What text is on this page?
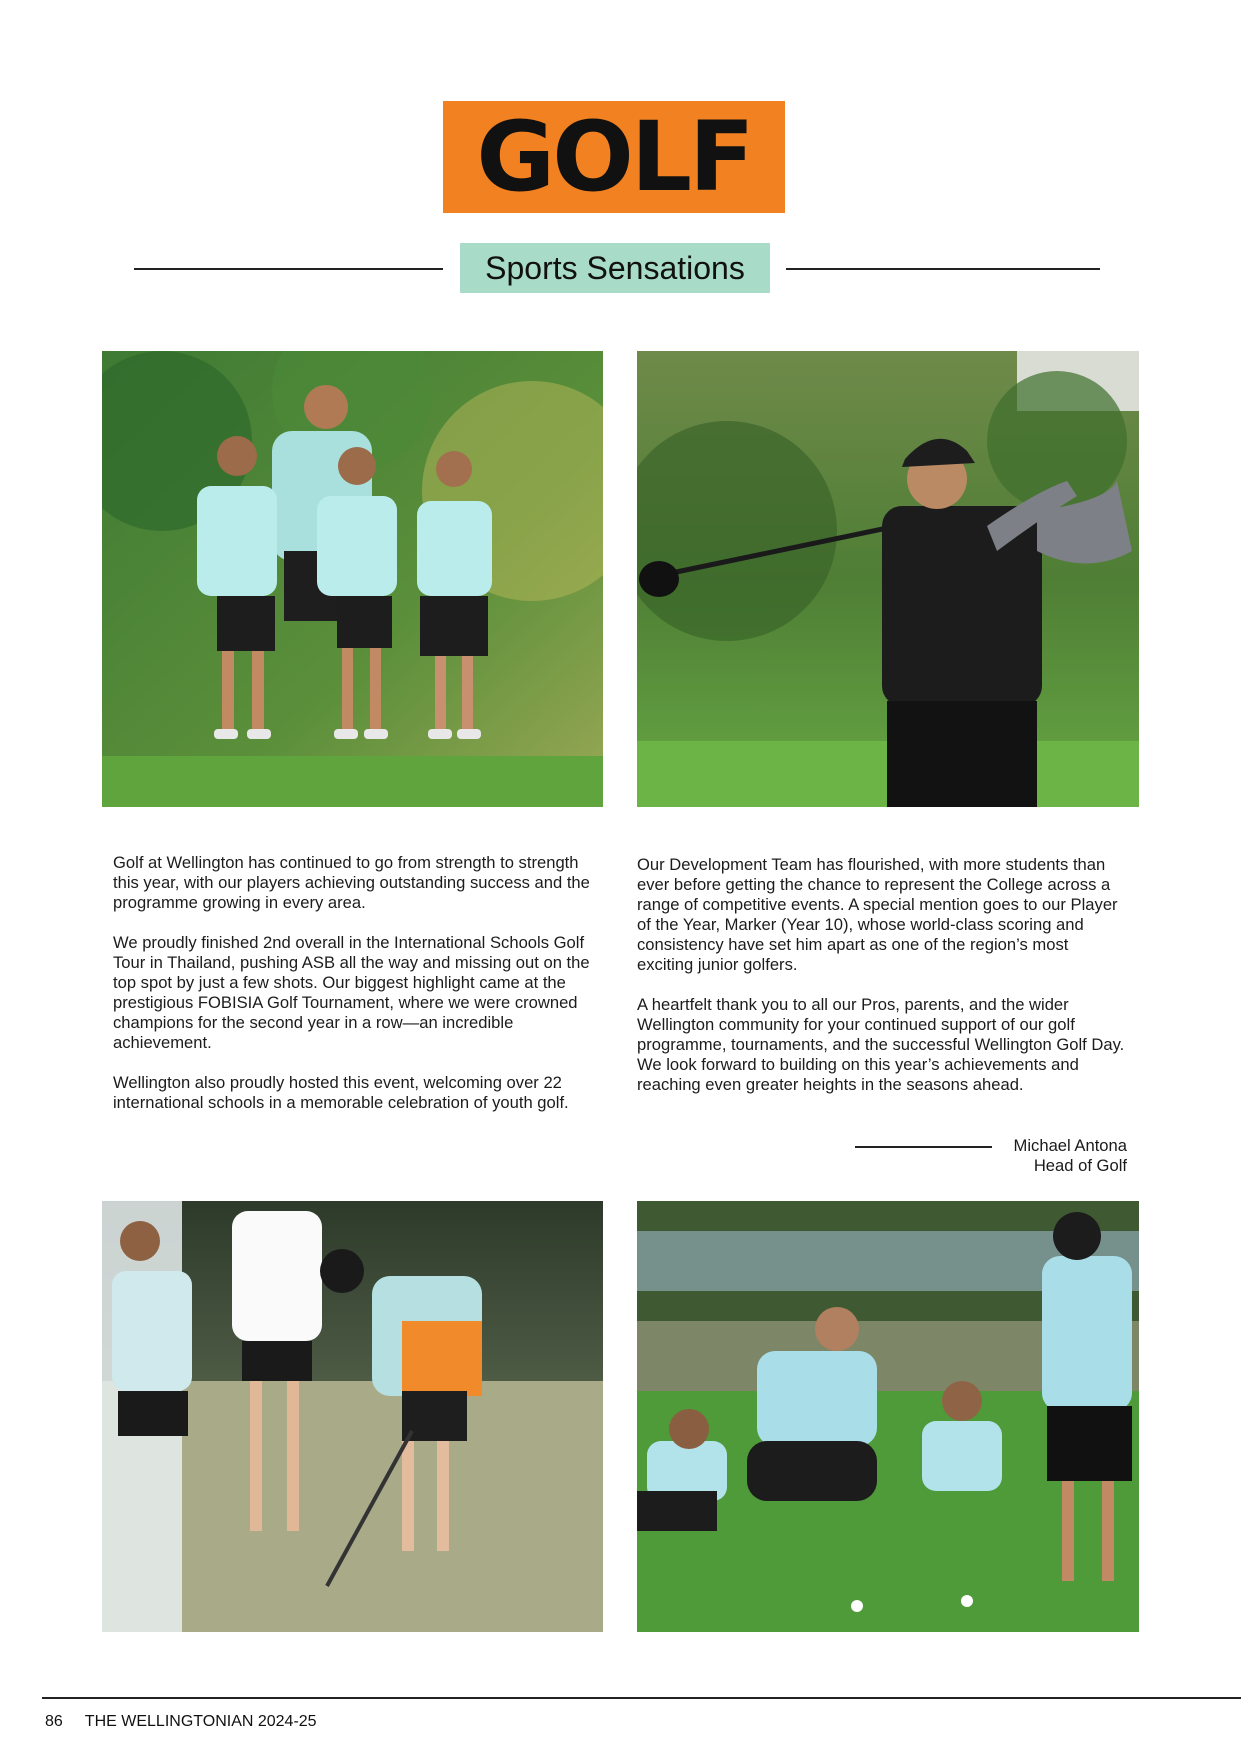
GOLF
Sports Sensations

Golf at Wellington has continued to go from strength to strength this year, with our players achieving outstanding success and the programme growing in every area.

We proudly finished 2nd overall in the International Schools Golf Tour in Thailand, pushing ASB all the way and missing out on the top spot by just a few shots. Our biggest highlight came at the prestigious FOBISIA Golf Tournament, where we were crowned champions for the second year in a row—an incredible achievement.

Wellington also proudly hosted this event, welcoming over 22 international schools in a memorable celebration of youth golf.

Our Development Team has flourished, with more students than ever before getting the chance to represent the College across a range of competitive events. A special mention goes to our Player of the Year, Marker (Year 10), whose world-class scoring and consistency have set him apart as one of the region’s most exciting junior golfers.

A heartfelt thank you to all our Pros, parents, and the wider Wellington community for your continued support of our golf programme, tournaments, and the successful Wellington Golf Day. We look forward to building on this year’s achievements and reaching even greater heights in the seasons ahead.

Michael Antona
Head of Golf
86 THE WELLINGTONIAN 2024-25
